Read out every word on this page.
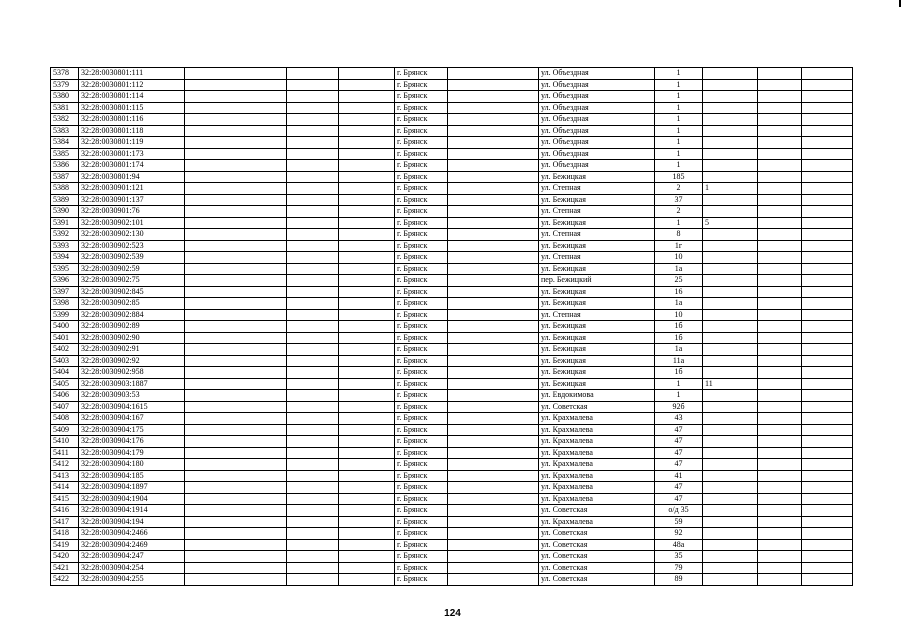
5378	32:28:0030801:111				г. Брянск		ул. Объездная	1			
5379	32:28:0030801:112				г. Брянск		ул. Объездная	1			
5380	32:28:0030801:114				г. Брянск		ул. Объездная	1			
5381	32:28:0030801:115				г. Брянск		ул. Объездная	1			
5382	32:28:0030801:116				г. Брянск		ул. Объездная	1			
5383	32:28:0030801:118				г. Брянск		ул. Объездная	1			
5384	32:28:0030801:119				г. Брянск		ул. Объездная	1			
5385	32:28:0030801:173				г. Брянск		ул. Объездная	1			
5386	32:28:0030801:174				г. Брянск		ул. Объездная	1			
5387	32:28:0030801:94				г. Брянск		ул. Бежицкая	185			
5388	32:28:0030901:121				г. Брянск		ул. Степная	2	1		
5389	32:28:0030901:137				г. Брянск		ул. Бежицкая	37			
5390	32:28:0030901:76				г. Брянск		ул. Степная	2			
5391	32:28:0030902:101				г. Брянск		ул. Бежицкая	1	5		
5392	32:28:0030902:130				г. Брянск		ул. Степная	8			
5393	32:28:0030902:523				г. Брянск		ул. Бежицкая	1г			
5394	32:28:0030902:539				г. Брянск		ул. Степная	10			
5395	32:28:0030902:59				г. Брянск		ул. Бежицкая	1а			
5396	32:28:0030902:75				г. Брянск		пер. Бежицкий	25			
5397	32:28:0030902:845				г. Брянск		ул. Бежицкая	16			
5398	32:28:0030902:85				г. Брянск		ул. Бежицкая	1а			
5399	32:28:0030902:884				г. Брянск		ул. Степная	10			
5400	32:28:0030902:89				г. Брянск		ул. Бежицкая	1б			
5401	32:28:0030902:90				г. Брянск		ул. Бежицкая	1б			
5402	32:28:0030902:91				г. Брянск		ул. Бежицкая	1а			
5403	32:28:0030902:92				г. Брянск		ул. Бежицкая	11а			
5404	32:28:0030902:958				г. Брянск		ул. Бежицкая	1б			
5405	32:28:0030903:1887				г. Брянск		ул. Бежицкая	1	11		
5406	32:28:0030903:53				г. Брянск		ул. Евдокимова	1			
5407	32:28:0030904:1615				г. Брянск		ул. Советская	92б			
5408	32:28:0030904:167				г. Брянск		ул. Крахмалева	43			
5409	32:28:0030904:175				г. Брянск		ул. Крахмалева	47			
5410	32:28:0030904:176				г. Брянск		ул. Крахмалева	47			
5411	32:28:0030904:179				г. Брянск		ул. Крахмалева	47			
5412	32:28:0030904:180				г. Брянск		ул. Крахмалева	47			
5413	32:28:0030904:185				г. Брянск		ул. Крахмалева	41			
5414	32:28:0030904:1897				г. Брянск		ул. Крахмалева	47			
5415	32:28:0030904:1904				г. Брянск		ул. Крахмалева	47			
5416	32:28:0030904:1914				г. Брянск		ул. Советская	о/д 35			
5417	32:28:0030904:194				г. Брянск		ул. Крахмалева	59			
5418	32:28:0030904:2466				г. Брянск		ул. Советская	92			
5419	32:28:0030904:2469				г. Брянск		ул. Советская	48а			
5420	32:28:0030904:247				г. Брянск		ул. Советская	35			
5421	32:28:0030904:254				г. Брянск		ул. Советская	79			
5422	32:28:0030904:255				г. Брянск		ул. Советская	89			
124
